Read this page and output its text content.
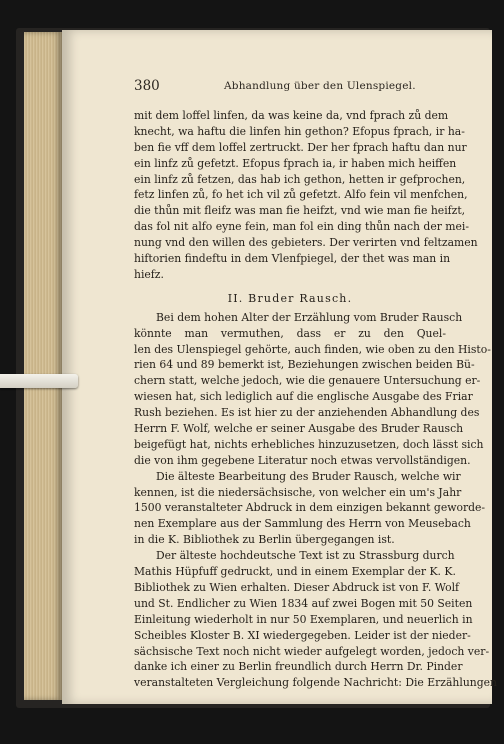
380	Abhandlung über den Ulenspiegel.
mit dem loffel linfen, da was keine da, vnd fprach zů dem
knecht, wa haftu die linfen hin gethon? Efopus fprach, ir ha-
ben fie vff dem loffel zertruckt. Der her fprach haftu dan nur
ein linfz zů gefetzt. Efopus fprach ia, ir haben mich heiffen
ein linfz zů fetzen, das hab ich gethon, hetten ir gefprochen,
fetz linfen zů, fo het ich vil zů gefetzt. Alfo fein vil menfchen,
die thůn mit fleifz was man fie heifzt, vnd wie man fie heifzt,
das fol nit alfo eyne fein, man fol ein ding thůn nach der mei-
nung vnd den willen des gebieters. Der verirten vnd feltzamen
hiftorien findeftu in dem Vlenfpiegel, der thet was man in
hiefz.
II. Bruder Rausch.
Bei dem hohen Alter der Erzählung vom Bruder Rausch
könnte man vermuthen, dass er zu den Quel-
len des Ulenspiegel gehörte, auch finden, wie oben zu den Histo-
rien 64 und 89 bemerkt ist, Beziehungen zwischen beiden Bü-
chern statt, welche jedoch, wie die genauere Untersuchung er-
wiesen hat, sich lediglich auf die englische Ausgabe des Friar
Rush beziehen. Es ist hier zu der anziehenden Abhandlung des
Herrn F. Wolf, welche er seiner Ausgabe des Bruder Rausch
beigefügt hat, nichts erhebliches hinzuzusetzen, doch lässt sich
die von ihm gegebene Literatur noch etwas vervollständigen.
Die älteste Bearbeitung des Bruder Rausch, welche wir
kennen, ist die niedersächsische, von welcher ein um's Jahr
1500 veranstalteter Abdruck in dem einzigen bekannt geworde-
nen Exemplare aus der Sammlung des Herrn von Meusebach
in die K. Bibliothek zu Berlin übergegangen ist.
Der älteste hochdeutsche Text ist zu Strassburg durch
Mathis Hüpfuff gedruckt, und in einem Exemplar der K. K.
Bibliothek zu Wien erhalten. Dieser Abdruck ist von F. Wolf
und St. Endlicher zu Wien 1834 auf zwei Bogen mit 50 Seiten
Einleitung wiederholt in nur 50 Exemplaren, und neuerlich in
Scheibles Kloster B. XI wiedergegeben. Leider ist der nieder-
sächsische Text noch nicht wieder aufgelegt worden, jedoch ver-
danke ich einer zu Berlin freundlich durch Herrn Dr. Pinder
veranstalteten Vergleichung folgende Nachricht: Die Erzählungen
